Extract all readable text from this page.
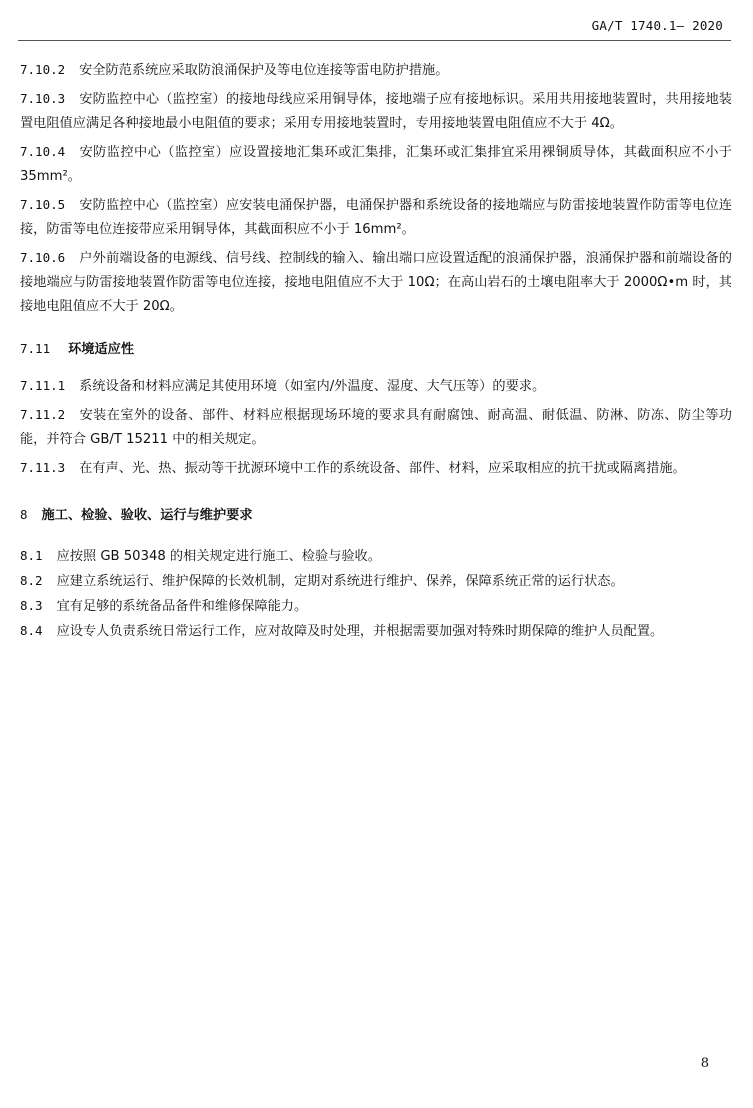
GA/T 1740.1— 2020

7.10.2 安全防范系统应采取防浪涌保护及等电位连接等雷电防护措施。

7.10.3 安防监控中心（监控室）的接地母线应采用铜导体，接地端子应有接地标识。采用共用接地装置时，共用接地装置电阻值应满足各种接地最小电阻值的要求；采用专用接地装置时，专用接地装置电阻值应不大于 4Ω。

7.10.4 安防监控中心（监控室）应设置接地汇集环或汇集排，汇集环或汇集排宜采用裸铜质导体，其截面积应不小于 35mm²。

7.10.5 安防监控中心（监控室）应安装电涌保护器，电涌保护器和系统设备的接地端应与防雷接地装置作防雷等电位连接，防雷等电位连接带应采用铜导体，其截面积应不小于 16mm²。

7.10.6 户外前端设备的电源线、信号线、控制线的输入、输出端口应设置适配的浪涌保护器，浪涌保护器和前端设备的接地端应与防雷接地装置作防雷等电位连接，接地电阻值应不大于 10Ω；在高山岩石的土壤电阻率大于 2000Ω•m 时，其接地电阻值应不大于 20Ω。

7.11 环境适应性

7.11.1 系统设备和材料应满足其使用环境（如室内/外温度、湿度、大气压等）的要求。

7.11.2 安装在室外的设备、部件、材料应根据现场环境的要求具有耐腐蚀、耐高温、耐低温、防淋、防冻、防尘等功能，并符合 GB/T 15211 中的相关规定。

7.11.3 在有声、光、热、振动等干扰源环境中工作的系统设备、部件、材料，应采取相应的抗干扰或隔离措施。

8 施工、检验、验收、运行与维护要求

8.1 应按照 GB 50348 的相关规定进行施工、检验与验收。

8.2 应建立系统运行、维护保障的长效机制，定期对系统进行维护、保养，保障系统正常的运行状态。

8.3 宜有足够的系统备品备件和维修保障能力。

8.4 应设专人负责系统日常运行工作，应对故障及时处理，并根据需要加强对特殊时期保障的维护人员配置。

8
